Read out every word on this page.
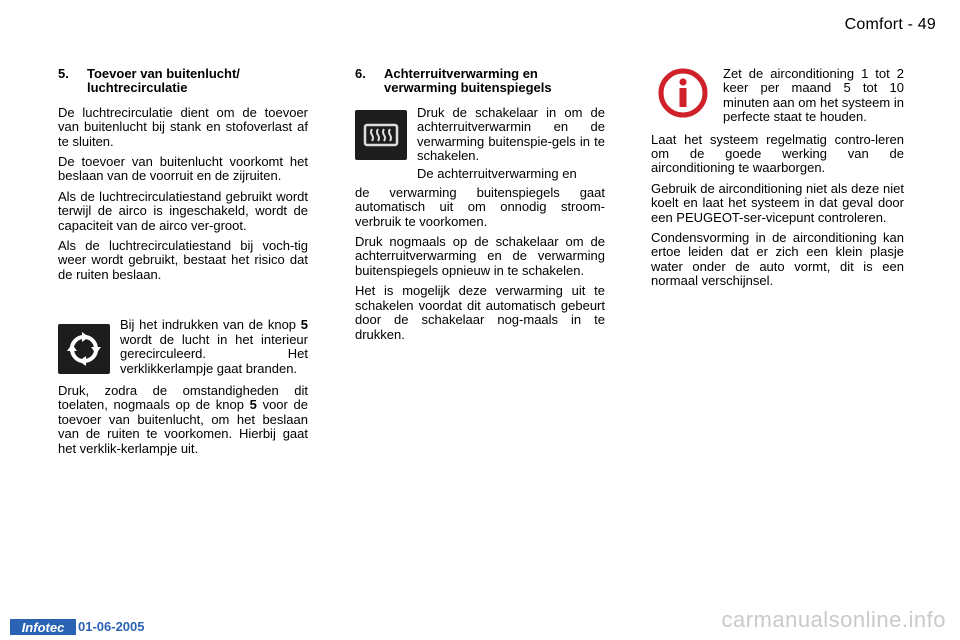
Comfort - 49
5.	Toevoer van buitenlucht/ luchtrecirculatie

De luchtrecirculatie dient om de toevoer van buitenlucht bij stank en stofoverlast af te sluiten.

De toevoer van buitenlucht voorkomt het beslaan van de voorruit en de zijruiten.

Als de luchtrecirculatiestand gebruikt wordt terwijl de airco is ingeschakeld, wordt de capaciteit van de airco ver-groot.

Als de luchtrecirculatiestand bij voch-tig weer wordt gebruikt, bestaat het risico dat de ruiten beslaan.

Bij het indrukken van de knop 5 wordt de lucht in het interieur gerecirculeerd. Het verklikkerlampje gaat branden.

Druk, zodra de omstandigheden dit toelaten, nogmaals op de knop 5 voor de toevoer van buitenlucht, om het beslaan van de ruiten te voorkomen. Hierbij gaat het verklik-kerlampje uit.

6.	Achterruitverwarming en verwarming buitenspiegels

Druk de schakelaar in om de achterruitverwarmin en de verwarming buitenspie-gels in te schakelen.

De achterruitverwarming en

de verwarming buitenspiegels gaat automatisch uit om onnodig stroom-verbruik te voorkomen.

Druk nogmaals op de schakelaar om de achterruitverwarming en de verwarming buitenspiegels opnieuw in te schakelen.

Het is mogelijk deze verwarming uit te schakelen voordat dit automatisch gebeurt door de schakelaar nog-maals in te drukken.

Zet de airconditioning 1 tot 2 keer per maand 5 tot 10 minuten aan om het systeem in perfecte staat te houden.

Laat het systeem regelmatig contro-leren om de goede werking van de airconditioning te waarborgen.

Gebruik de airconditioning niet als deze niet koelt en laat het systeem in dat geval door een PEUGEOT-ser-vicepunt controleren.

Condensvorming in de airconditioning kan ertoe leiden dat er zich een klein plasje water onder de auto vormt, dit is een normaal verschijnsel.

Infotec	01-06-2005	carmanualsonline.info
